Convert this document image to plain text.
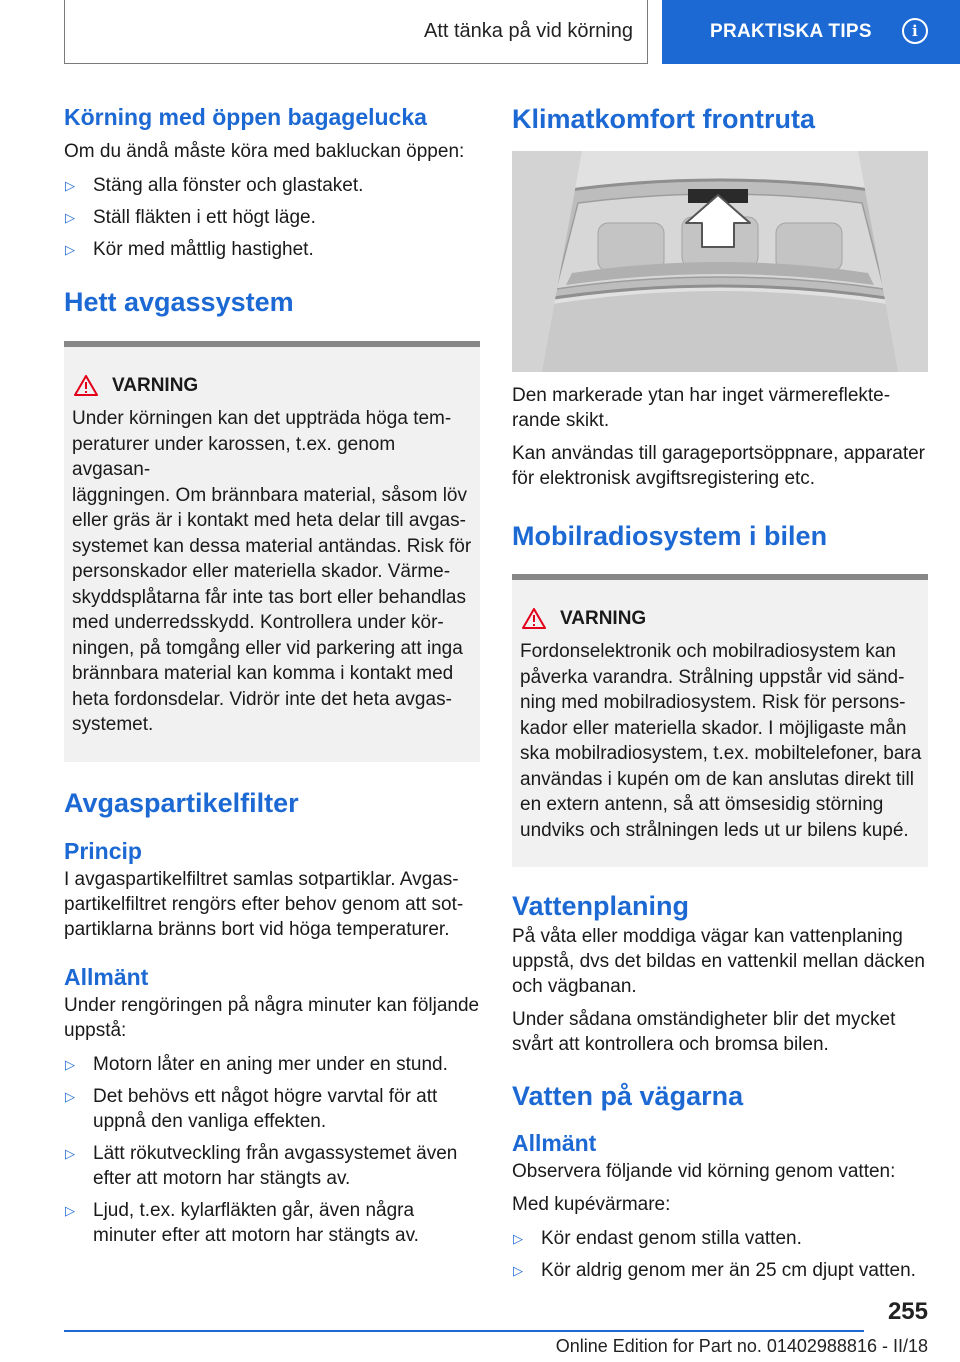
Att tänka på vid körning	PRAKTISKA TIPS	i
Körning med öppen bagagelucka

Om du ändå måste köra med bakluckan öppen:

▷ Stäng alla fönster och glastaket.
▷ Ställ fläkten i ett högt läge.
▷ Kör med måttlig hastighet.
Hett avgassystem
VARNING

Under körningen kan det uppträda höga tem-

peraturer under karossen, t.ex. genom avgasan-

läggningen. Om brännbara material, såsom löv

eller gräs är i kontakt med heta delar till avgas-

systemet kan dessa material antändas. Risk för

personskador eller materiella skador. Värme-

skyddsplåtarna får inte tas bort eller behandlas

med underredsskydd. Kontrollera under kör-

ningen, på tomgång eller vid parkering att inga

brännbara material kan komma i kontakt med

heta fordonsdelar. Vidrör inte det heta avgas-

systemet.

Avgaspartikelfilter
Princip

I avgaspartikelfiltret samlas sotpartiklar. Avgas-

partikelfiltret rengörs efter behov genom att sot-

partiklarna bränns bort vid höga temperaturer.

Allmänt

Under rengöringen på några minuter kan följande

uppstå:

▷ Motorn låter en aning mer under en stund.
▷ Det behövs ett något högre varvtal för att uppnå den vanliga effekten.
▷ Lätt rökutveckling från avgassystemet även efter att motorn har stängts av.
▷ Ljud, t.ex. kylarfläkten går, även några minuter efter att motorn har stängts av.
Klimatkomfort frontruta

Den markerade ytan har inget värmereflekte-

rande skikt.

Kan användas till garageportsöppnare, apparater

för elektronisk avgiftsregistering etc.

Mobilradiosystem i bilen
VARNING

Fordonselektronik och mobilradiosystem kan

påverka varandra. Strålning uppstår vid sänd-

ning med mobilradiosystem. Risk för persons-

kador eller materiella skador. I möjligaste mån

ska mobilradiosystem, t.ex. mobiltelefoner, bara

användas i kupén om de kan anslutas direkt till

en extern antenn, så att ömsesidig störning

undviks och strålningen leds ut ur bilens kupé.

Vattenplaning

På våta eller moddiga vägar kan vattenplaning

uppstå, dvs det bildas en vattenkil mellan däcken

och vägbanan.

Under sådana omständigheter blir det mycket

svårt att kontrollera och bromsa bilen.

Vatten på vägarna
Allmänt

Observera följande vid körning genom vatten:

Med kupévärmare:

▷ Kör endast genom stilla vatten.
▷ Kör aldrig genom mer än 25 cm djupt vatten.
255
Online Edition for Part no. 01402988816 - II/18
